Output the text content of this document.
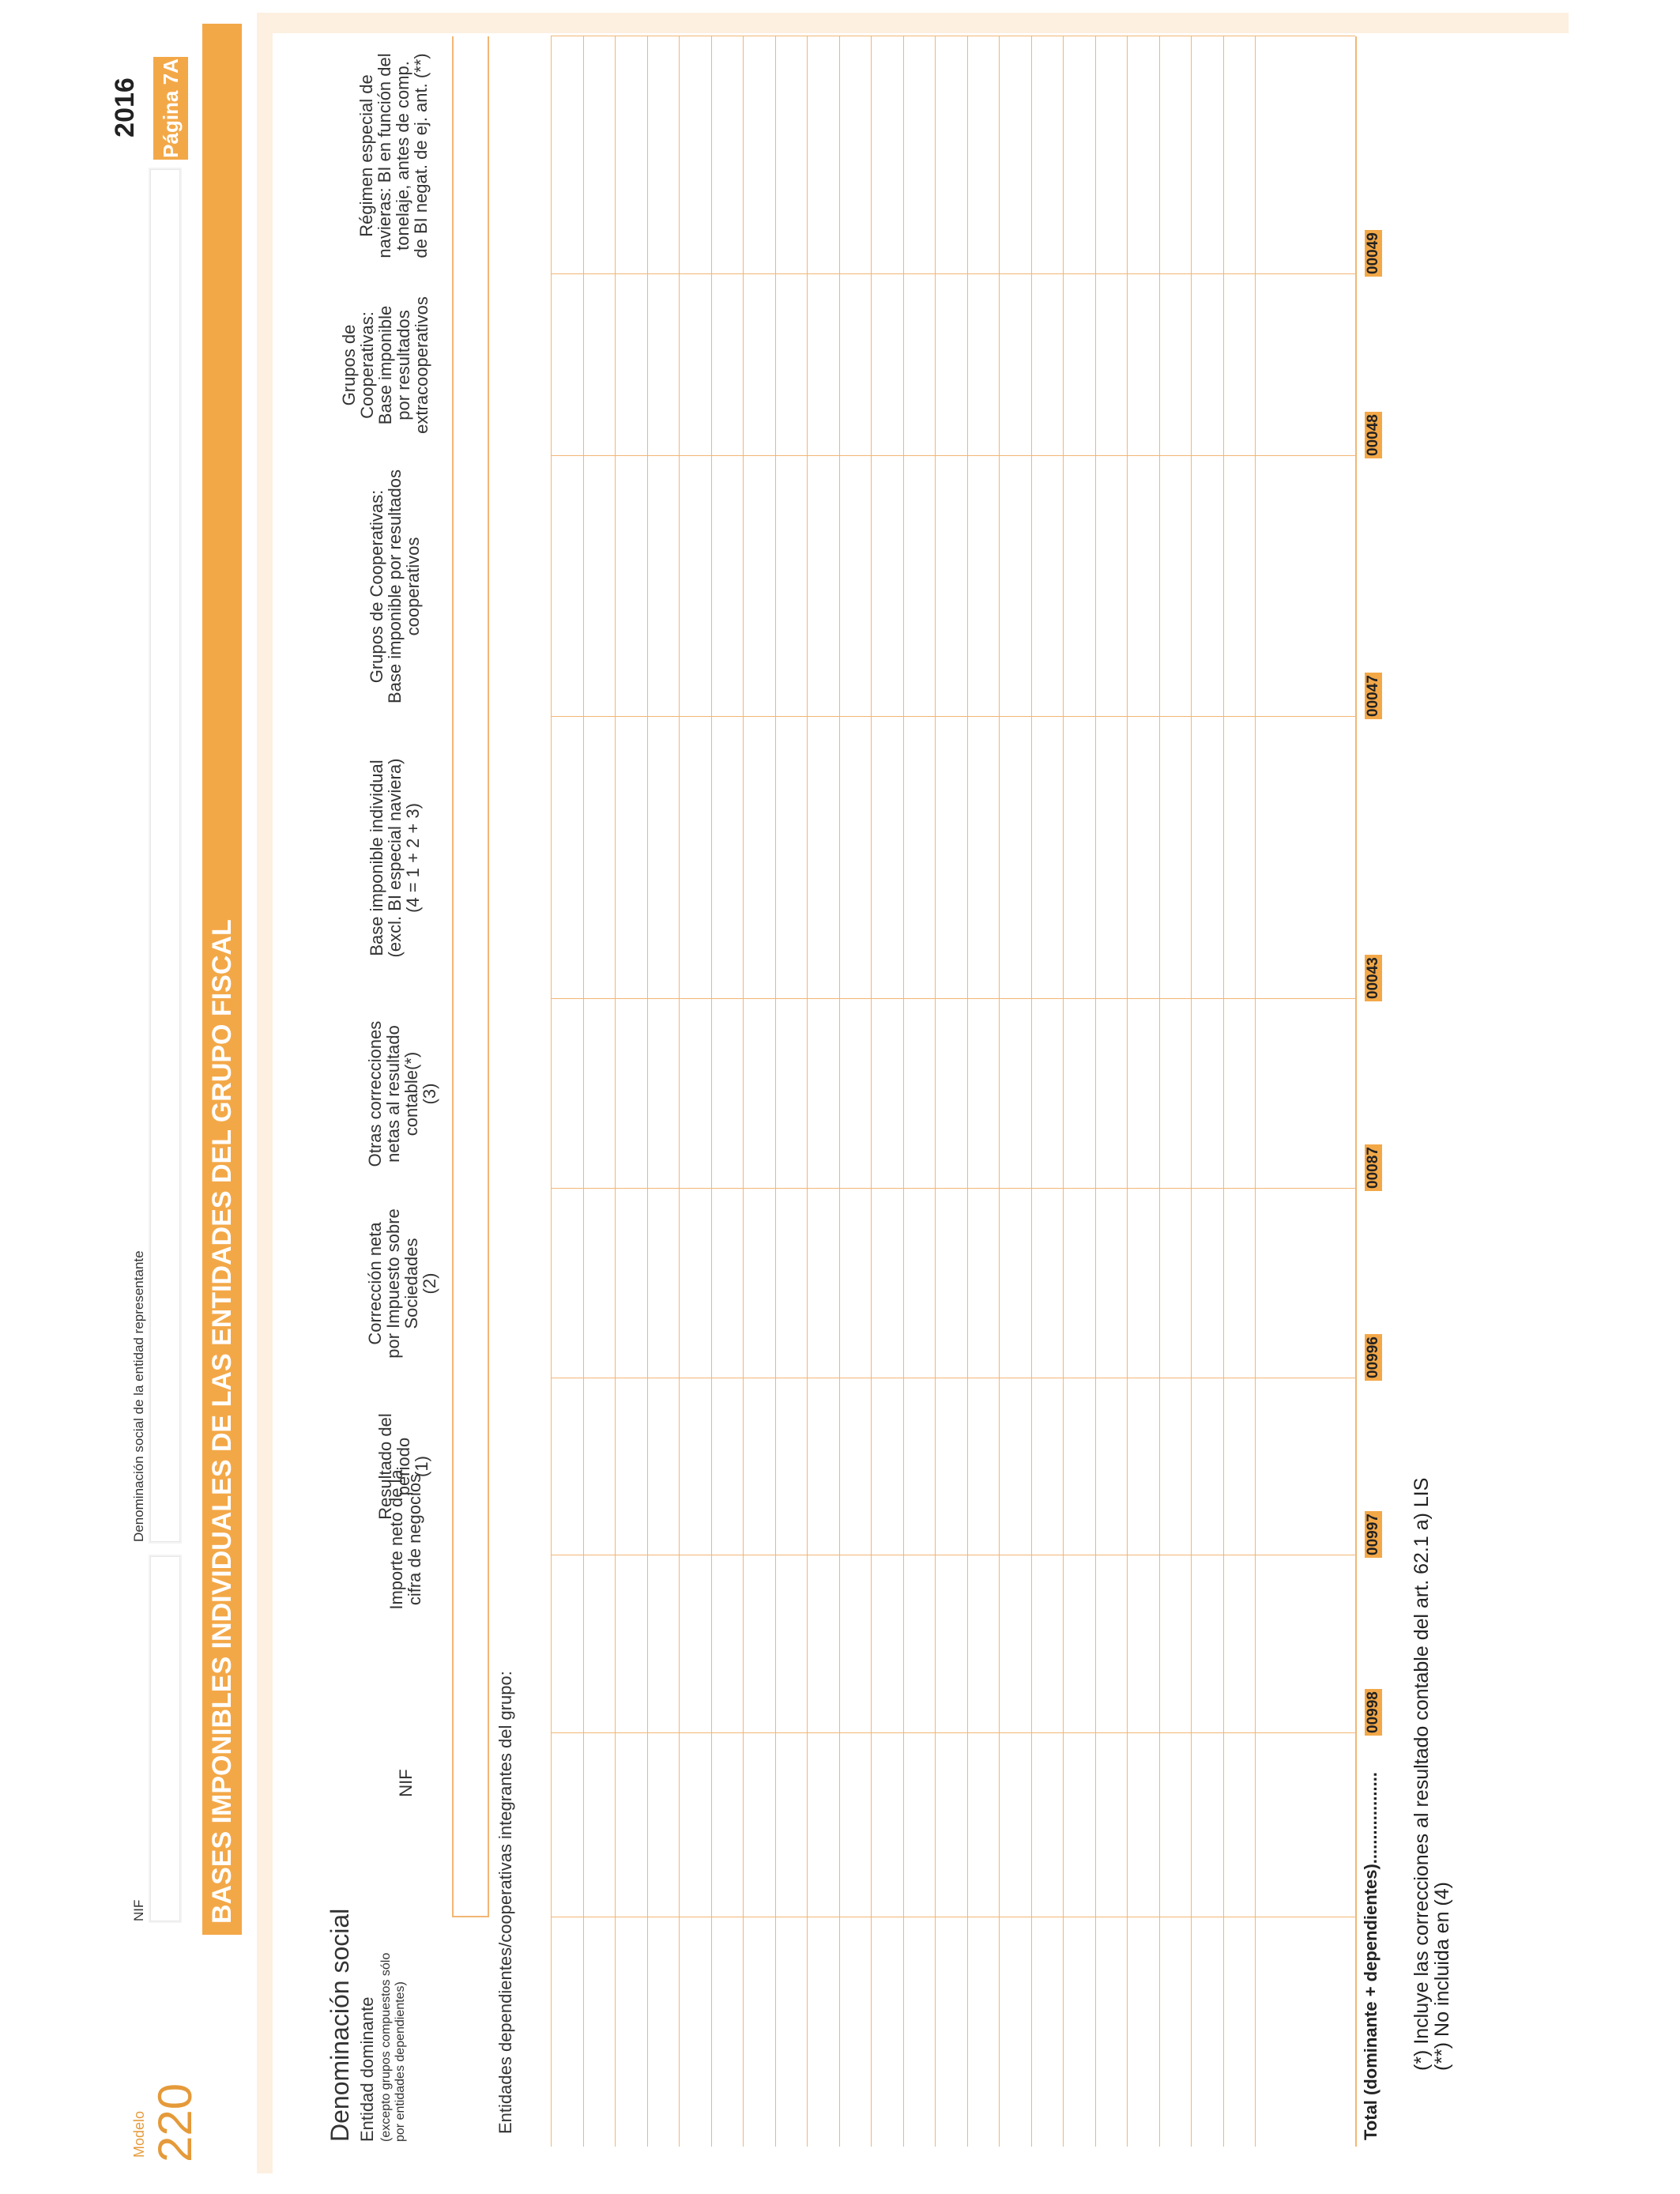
Modelo 220
NIF
Denominación social de la entidad representante
2016 Página 7A
BASES IMPONIBLES INDIVIDUALES DE LAS ENTIDADES DEL GRUPO FISCAL
Denominación social Entidad dominante (excepto grupos compuestos sólo por entidades dependientes)
NIF
Importe neto de la
cifra de negocios
Resultado del
periodo
(1)
Corrección neta
por Impuesto sobre
Sociedades
(2)
Otras correcciones
netas al resultado
contable(*)
(3)
Base imponible individual
(excl. BI especial naviera)
(4 = 1 + 2 + 3)
Grupos de Cooperativas:
Base imponible por resultados
cooperativos
Grupos de
Cooperativas:
Base imponible
por resultados
extracooperativos
Régimen especial de
navieras: BI en función del
tonelaje, antes de comp.
de BI negat. de ej. ant. (**)
Entidades dependientes/cooperativas integrantes del grupo:	Total (dominante + dependientes)...................
00998
00997
00996
00087
00043
00047
00048
00049
(*) Incluye las correcciones al resultado contable del art. 62.1 a) LIS
(**) No incluida en (4)
